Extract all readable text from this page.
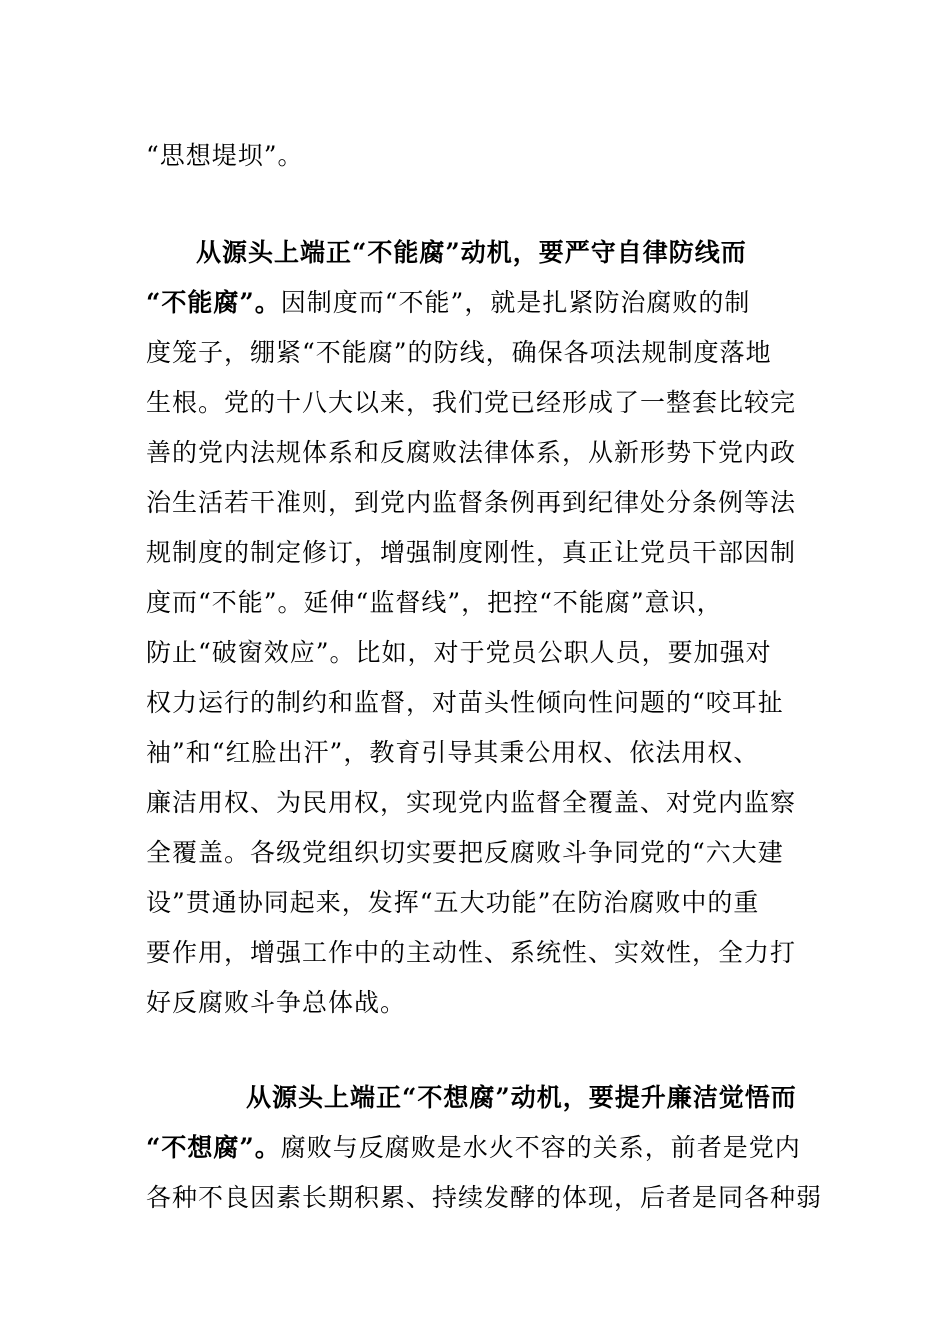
“思想堤坝”。
从源头上端正“不能腐”动机，要严守自律防线而
“不能腐”。因制度而“不能”，就是扎紧防治腐败的制
度笼子，绷紧“不能腐”的防线，确保各项法规制度落地
生根。党的十八大以来，我们党已经形成了一整套比较完
善的党内法规体系和反腐败法律体系，从新形势下党内政
治生活若干准则，到党内监督条例再到纪律处分条例等法
规制度的制定修订，增强制度刚性，真正让党员干部因制
度而“不能”。延伸“监督线”，把控“不能腐”意识，
防止“破窗效应”。比如，对于党员公职人员，要加强对
权力运行的制约和监督，对苗头性倾向性问题的“咬耳扯
袖”和“红脸出汗”，教育引导其秉公用权、依法用权、
廉洁用权、为民用权，实现党内监督全覆盖、对党内监察
全覆盖。各级党组织切实要把反腐败斗争同党的“六大建
设”贯通协同起来，发挥“五大功能”在防治腐败中的重
要作用，增强工作中的主动性、系统性、实效性，全力打
好反腐败斗争总体战。
从源头上端正“不想腐”动机，要提升廉洁觉悟而
“不想腐”。腐败与反腐败是水火不容的关系，前者是党内
各种不良因素长期积累、持续发酵的体现，后者是同各种弱
